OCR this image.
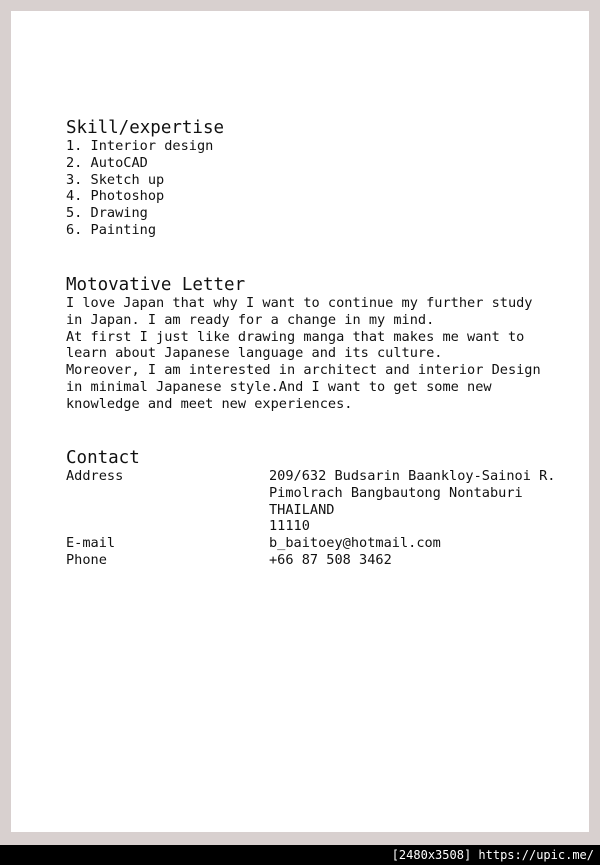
Skill/expertise
1. Interior design
2. AutoCAD
3. Sketch up
4. Photoshop
5. Drawing
6. Painting
Motovative Letter
I love Japan that why I want to continue my further study
in Japan. I am ready for a change in my mind.
At first I just like drawing manga that makes me want to
learn about Japanese language and its culture.
Moreover, I am interested in architect and interior Design
in minimal Japanese style.And I want to get some new
knowledge and meet new experiences.
Contact
Address	209/632 Budsarin Baankloy-Sainoi R.
Pimolrach Bangbautong Nontaburi
THAILAND
11110
E-mail	b_baitoey@hotmail.com
Phone	+66 87 508 3462
[2480x3508] https://upic.me/
